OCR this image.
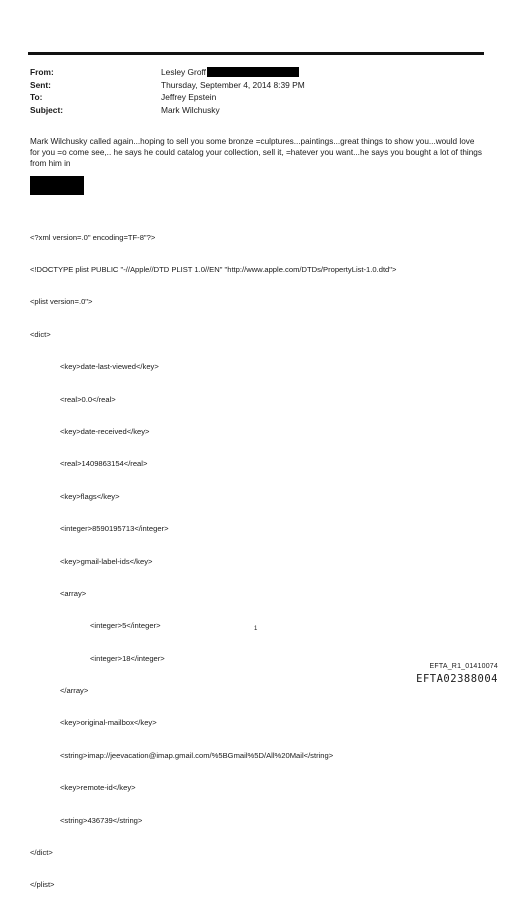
From:	Lesley Groff
Sent:	Thursday, September 4, 2014 8:39 PM
To:	Jeffrey Epstein
Subject:	Mark Wilchusky
Mark Wilchusky called again...hoping to sell you some bronze =culptures...paintings...great things to show you...would love for you =o come see,.. he says he could catalog your collection, sell it, =hatever you want...he says you bought a lot of things from him in

<?xml version=.0" encoding=TF-8"?>

<!DOCTYPE plist PUBLIC "-//Apple//DTD PLIST 1.0//EN" "http://www.apple.com/DTDs/PropertyList-1.0.dtd">

<plist version=.0">

<dict>

<key>date-last-viewed</key>

<real>0.0</real>

<key>date-received</key>

<real>1409863154</real>

<key>flags</key>

<integer>8590195713</integer>

<key>gmail-label-ids</key>

<array>

<integer>5</integer>

<integer>18</integer>

</array>

<key>original-mailbox</key>

<string>imap://jeevacation@imap.gmail.com/%5BGmail%5D/All%20Mail</string>

<key>remote-id</key>

<string>436739</string>

</dict>

</plist>

1
EFTA_R1_01410074
EFTA02388004
